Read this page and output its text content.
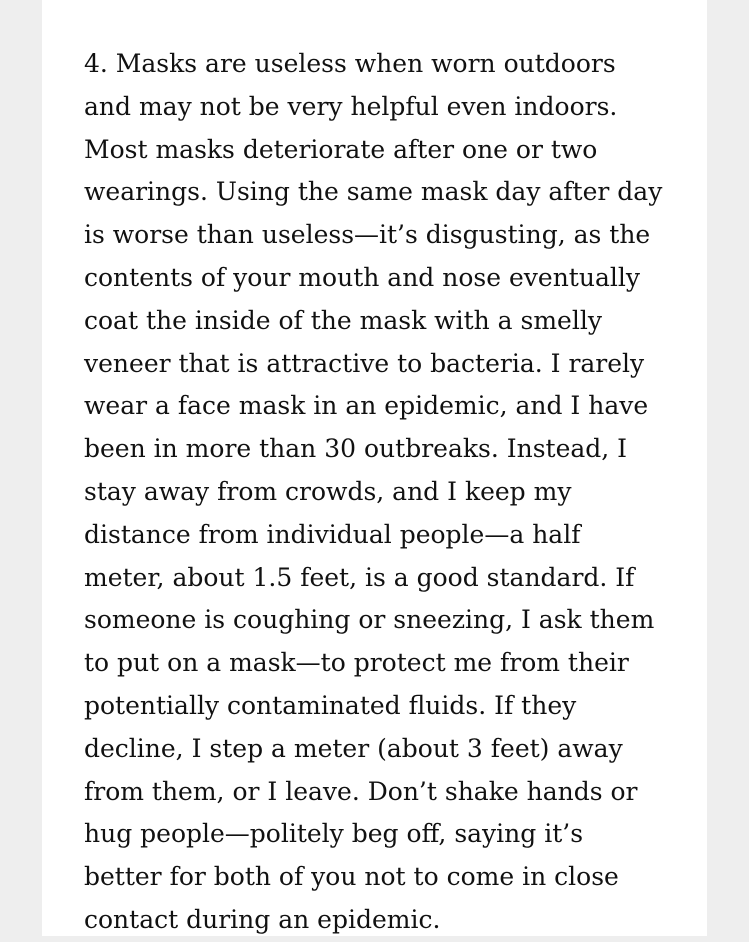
4. Masks are useless when worn outdoors
and may not be very helpful even indoors.
Most masks deteriorate after one or two
wearings. Using the same mask day after day
is worse than useless—it’s disgusting, as the
contents of your mouth and nose eventually
coat the inside of the mask with a smelly
veneer that is attractive to bacteria. I rarely
wear a face mask in an epidemic, and I have
been in more than 30 outbreaks. Instead, I
stay away from crowds, and I keep my
distance from individual people—a half
meter, about 1.5 feet, is a good standard. If
someone is coughing or sneezing, I ask them
to put on a mask—to protect me from their
potentially contaminated fluids. If they
decline, I step a meter (about 3 feet) away
from them, or I leave. Don’t shake hands or
hug people—politely beg off, saying it’s
better for both of you not to come in close
contact during an epidemic.
